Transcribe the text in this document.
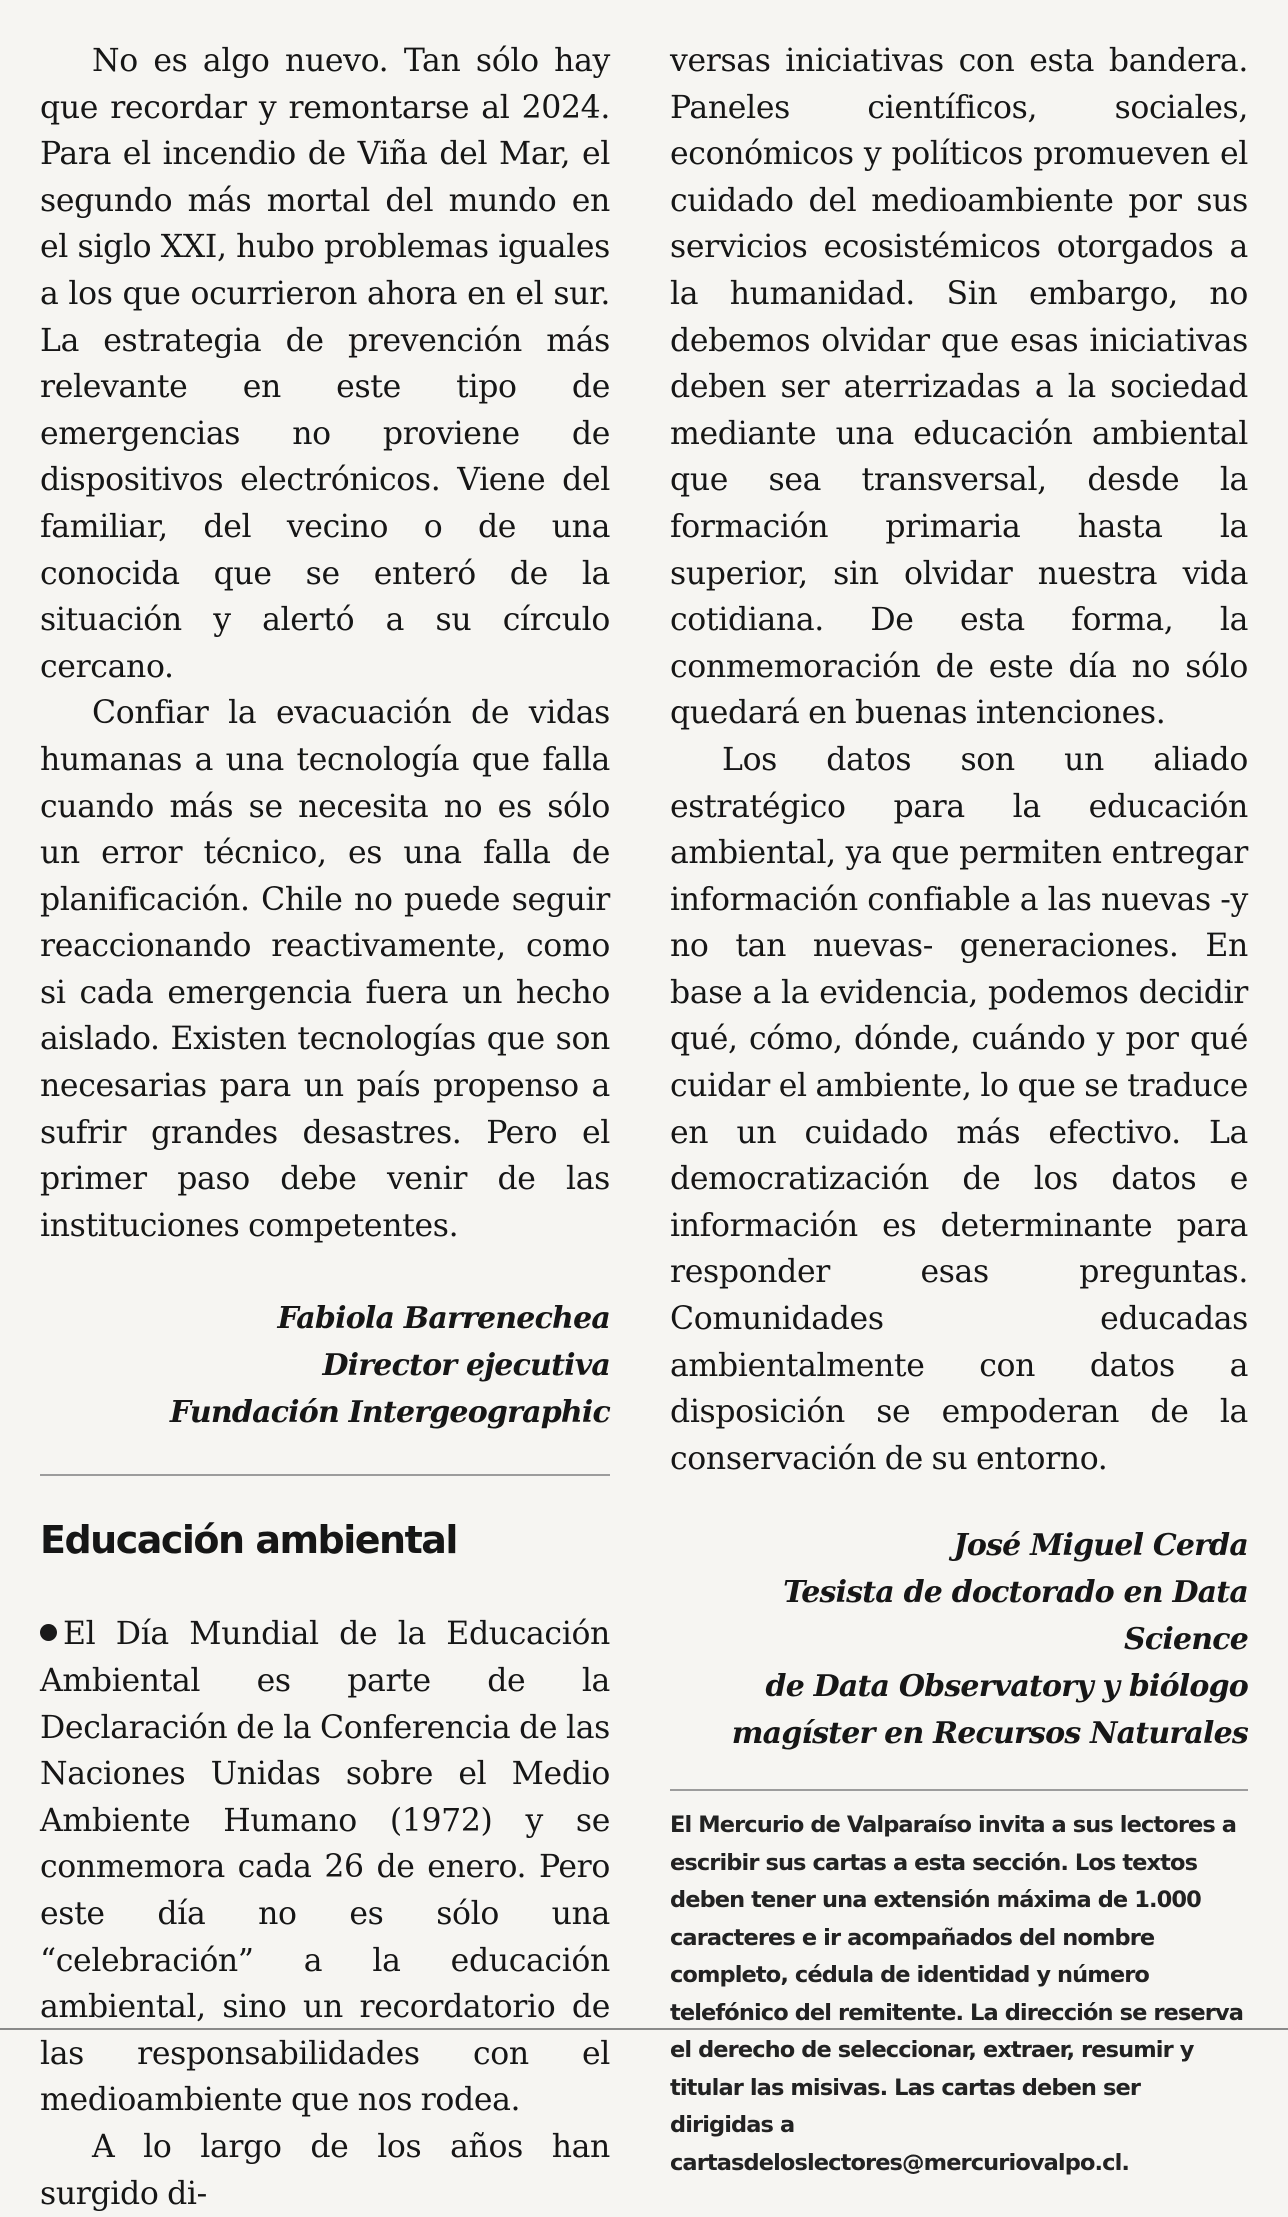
No es algo nuevo. Tan sólo hay que recordar y remontarse al 2024. Para el incendio de Viña del Mar, el segundo más mortal del mundo en el siglo XXI, hubo problemas iguales a los que ocurrieron ahora en el sur. La estrategia de prevención más relevante en este tipo de emergencias no proviene de dispositivos electrónicos. Viene del familiar, del vecino o de una conocida que se enteró de la situación y alertó a su círculo cercano.

Confiar la evacuación de vidas humanas a una tecnología que falla cuando más se necesita no es sólo un error técnico, es una falla de planificación. Chile no puede seguir reaccionando reactivamente, como si cada emergencia fuera un hecho aislado. Existen tecnologías que son necesarias para un país propenso a sufrir grandes desastres. Pero el primer paso debe venir de las instituciones competentes.

Fabiola Barrenechea
Director ejecutiva
Fundación Intergeographic
Educación ambiental

El Día Mundial de la Educación Ambiental es parte de la Declaración de la Conferencia de las Naciones Unidas sobre el Medio Ambiente Humano (1972) y se conmemora cada 26 de enero. Pero este día no es sólo una “celebración” a la educación ambiental, sino un recordatorio de las responsabilidades con el medioambiente que nos rodea.

A lo largo de los años han surgido di-

versas iniciativas con esta bandera. Paneles científicos, sociales, económicos y políticos promueven el cuidado del medioambiente por sus servicios ecosistémicos otorgados a la humanidad. Sin embargo, no debemos olvidar que esas iniciativas deben ser aterrizadas a la sociedad mediante una educación ambiental que sea transversal, desde la formación primaria hasta la superior, sin olvidar nuestra vida cotidiana. De esta forma, la conmemoración de este día no sólo quedará en buenas intenciones.

Los datos son un aliado estratégico para la educación ambiental, ya que permiten entregar información confiable a las nuevas -y no tan nuevas- generaciones. En base a la evidencia, podemos decidir qué, cómo, dónde, cuándo y por qué cuidar el ambiente, lo que se traduce en un cuidado más efectivo. La democratización de los datos e información es determinante para responder esas preguntas. Comunidades educadas ambientalmente con datos a disposición se empoderan de la conservación de su entorno.

José Miguel Cerda
Tesista de doctorado en Data Science
de Data Observatory y biólogo
magíster en Recursos Naturales

El Mercurio de Valparaíso invita a sus lectores a escribir sus cartas a esta sección. Los textos deben tener una extensión máxima de 1.000 caracteres e ir acompañados del nombre completo, cédula de identidad y número telefónico del remitente. La dirección se reserva el derecho de seleccionar, extraer, resumir y titular las misivas. Las cartas deben ser dirigidas a cartasdeloslectores@mercuriovalpo.cl.
